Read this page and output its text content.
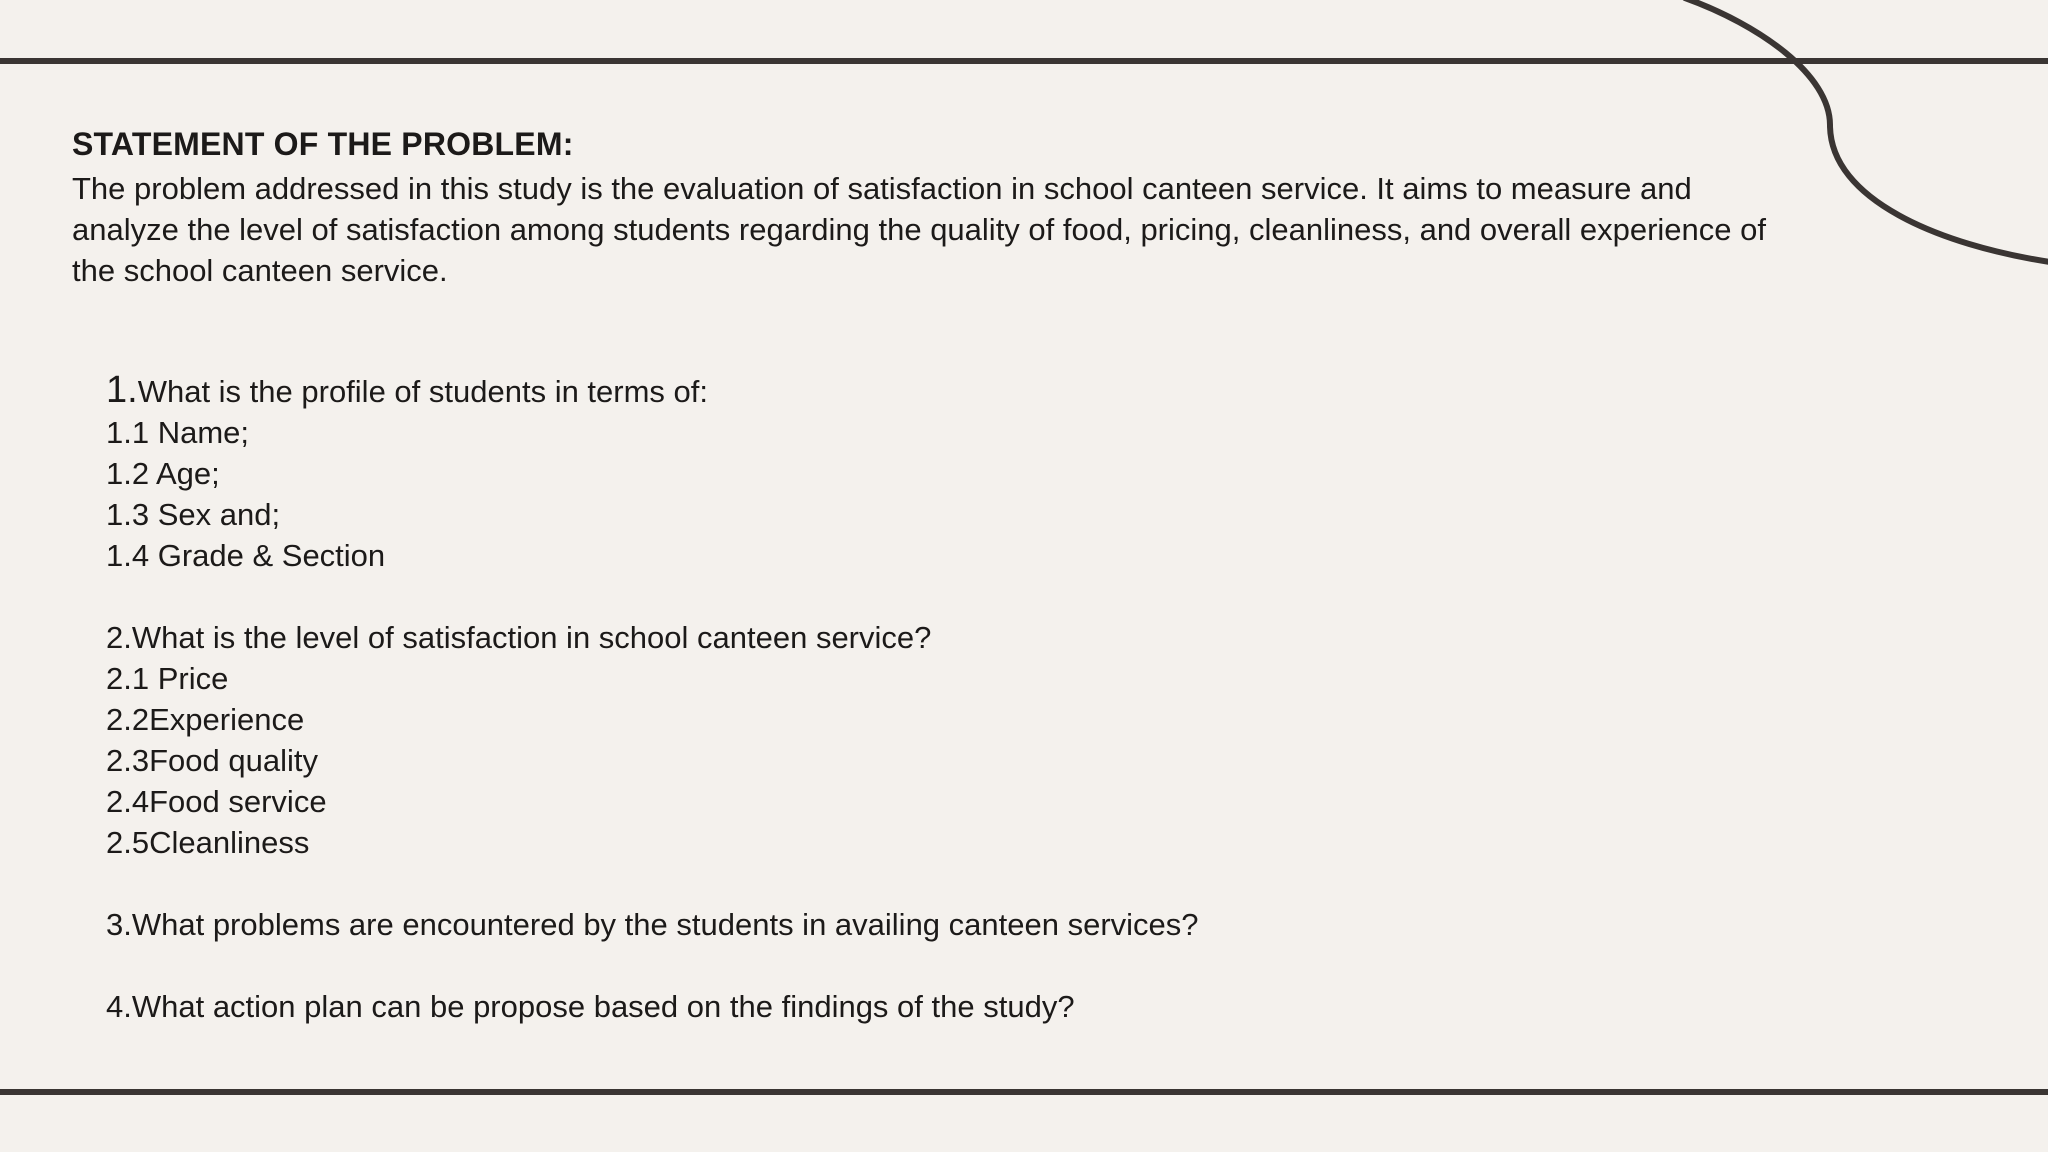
STATEMENT OF THE PROBLEM:

The problem addressed in this study is the evaluation of satisfaction in school canteen service. It aims to measure and analyze the level of satisfaction among students regarding the quality of food, pricing, cleanliness, and overall experience of the school canteen service.

1.What is the profile of students in terms of:
1.1 Name;
1.2 Age;
1.3 Sex and;
1.4 Grade & Section
2.What is the level of satisfaction in school canteen service?
2.1 Price
2.2Experience
2.3Food quality
2.4Food service
2.5Cleanliness
3.What problems are encountered by the students in availing canteen services?
4.What action plan can be propose based on the findings of the study?
